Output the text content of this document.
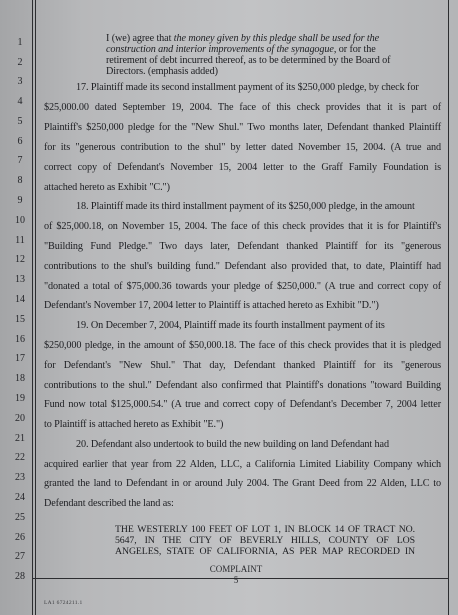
1
2
3
4
5
6
7
8
9
10
11
12
13
14
15
16
17
18
19
20
21
22
23
24
25
26
27
28
I (we) agree that the money given by this pledge shall be used for the
construction and interior improvements of the synagogue, or for the
retirement of debt incurred thereof, as to be determined by the Board of
Directors. (emphasis added)
17. Plaintiff made its second installment payment of its $250,000 pledge, by check for
$25,000.00 dated September 19, 2004. The face of this check provides that it is part of
Plaintiff's $250,000 pledge for the "New Shul." Two months later, Defendant thanked Plaintiff
for its "generous contribution to the shul" by letter dated November 15, 2004. (A true and
correct copy of Defendant's November 15, 2004 letter to the Graff Family Foundation is
attached hereto as Exhibit "C.")
18. Plaintiff made its third installment payment of its $250,000 pledge, in the amount
of $25,000.18, on November 15, 2004. The face of this check provides that it is for Plaintiff's
"Building Fund Pledge." Two days later, Defendant thanked Plaintiff for its "generous
contributions to the shul's building fund." Defendant also provided that, to date, Plaintiff had
"donated a total of $75,000.36 towards your pledge of $250,000." (A true and correct copy of
Defendant's November 17, 2004 letter to Plaintiff is attached hereto as Exhibit "D.")
19. On December 7, 2004, Plaintiff made its fourth installment payment of its
$250,000 pledge, in the amount of $50,000.18. The face of this check provides that it is pledged
for Defendant's "New Shul." That day, Defendant thanked Plaintiff for its "generous
contributions to the shul." Defendant also confirmed that Plaintiff's donations "toward Building
Fund now total $125,000.54." (A true and correct copy of Defendant's December 7, 2004 letter
to Plaintiff is attached hereto as Exhibit "E.")
20. Defendant also undertook to build the new building on land Defendant had
acquired earlier that year from 22 Alden, LLC, a California Limited Liability Company which
granted the land to Defendant in or around July 2004. The Grant Deed from 22 Alden, LLC to
Defendant described the land as:
THE WESTERLY 100 FEET OF LOT 1, IN BLOCK 14 OF TRACT NO.
5647, IN THE CITY OF BEVERLY HILLS, COUNTY OF LOS
ANGELES, STATE OF CALIFORNIA, AS PER MAP RECORDED IN
COMPLAINT
5
LA1 6724211.1
